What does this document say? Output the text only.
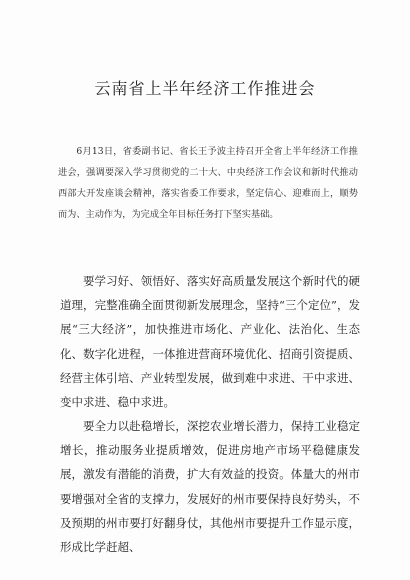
云南省上半年经济工作推进会
6月13日，省委副书记、省长王予波主持召开全省上半年经济工作推进会，强调要深入学习贯彻党的二十大、中央经济工作会议和新时代推动西部大开发座谈会精神，落实省委工作要求，坚定信心、迎难而上，顺势而为、主动作为，为完成全年目标任务打下坚实基础。
要学习好、领悟好、落实好高质量发展这个新时代的硬道理，完整准确全面贯彻新发展理念，坚持“三个定位”，发展“三大经济”，加快推进市场化、产业化、法治化、生态化、数字化进程，一体推进营商环境优化、招商引资提质、经营主体引培、产业转型发展，做到难中求进、干中求进、变中求进、稳中求进。
要全力以赴稳增长，深挖农业增长潜力，保持工业稳定增长，推动服务业提质增效，促进房地产市场平稳健康发展，激发有潜能的消费，扩大有效益的投资。体量大的州市要增强对全省的支撑力，发展好的州市要保持良好势头，不及预期的州市要打好翻身仗，其他州市要提升工作显示度，形成比学赶超、
